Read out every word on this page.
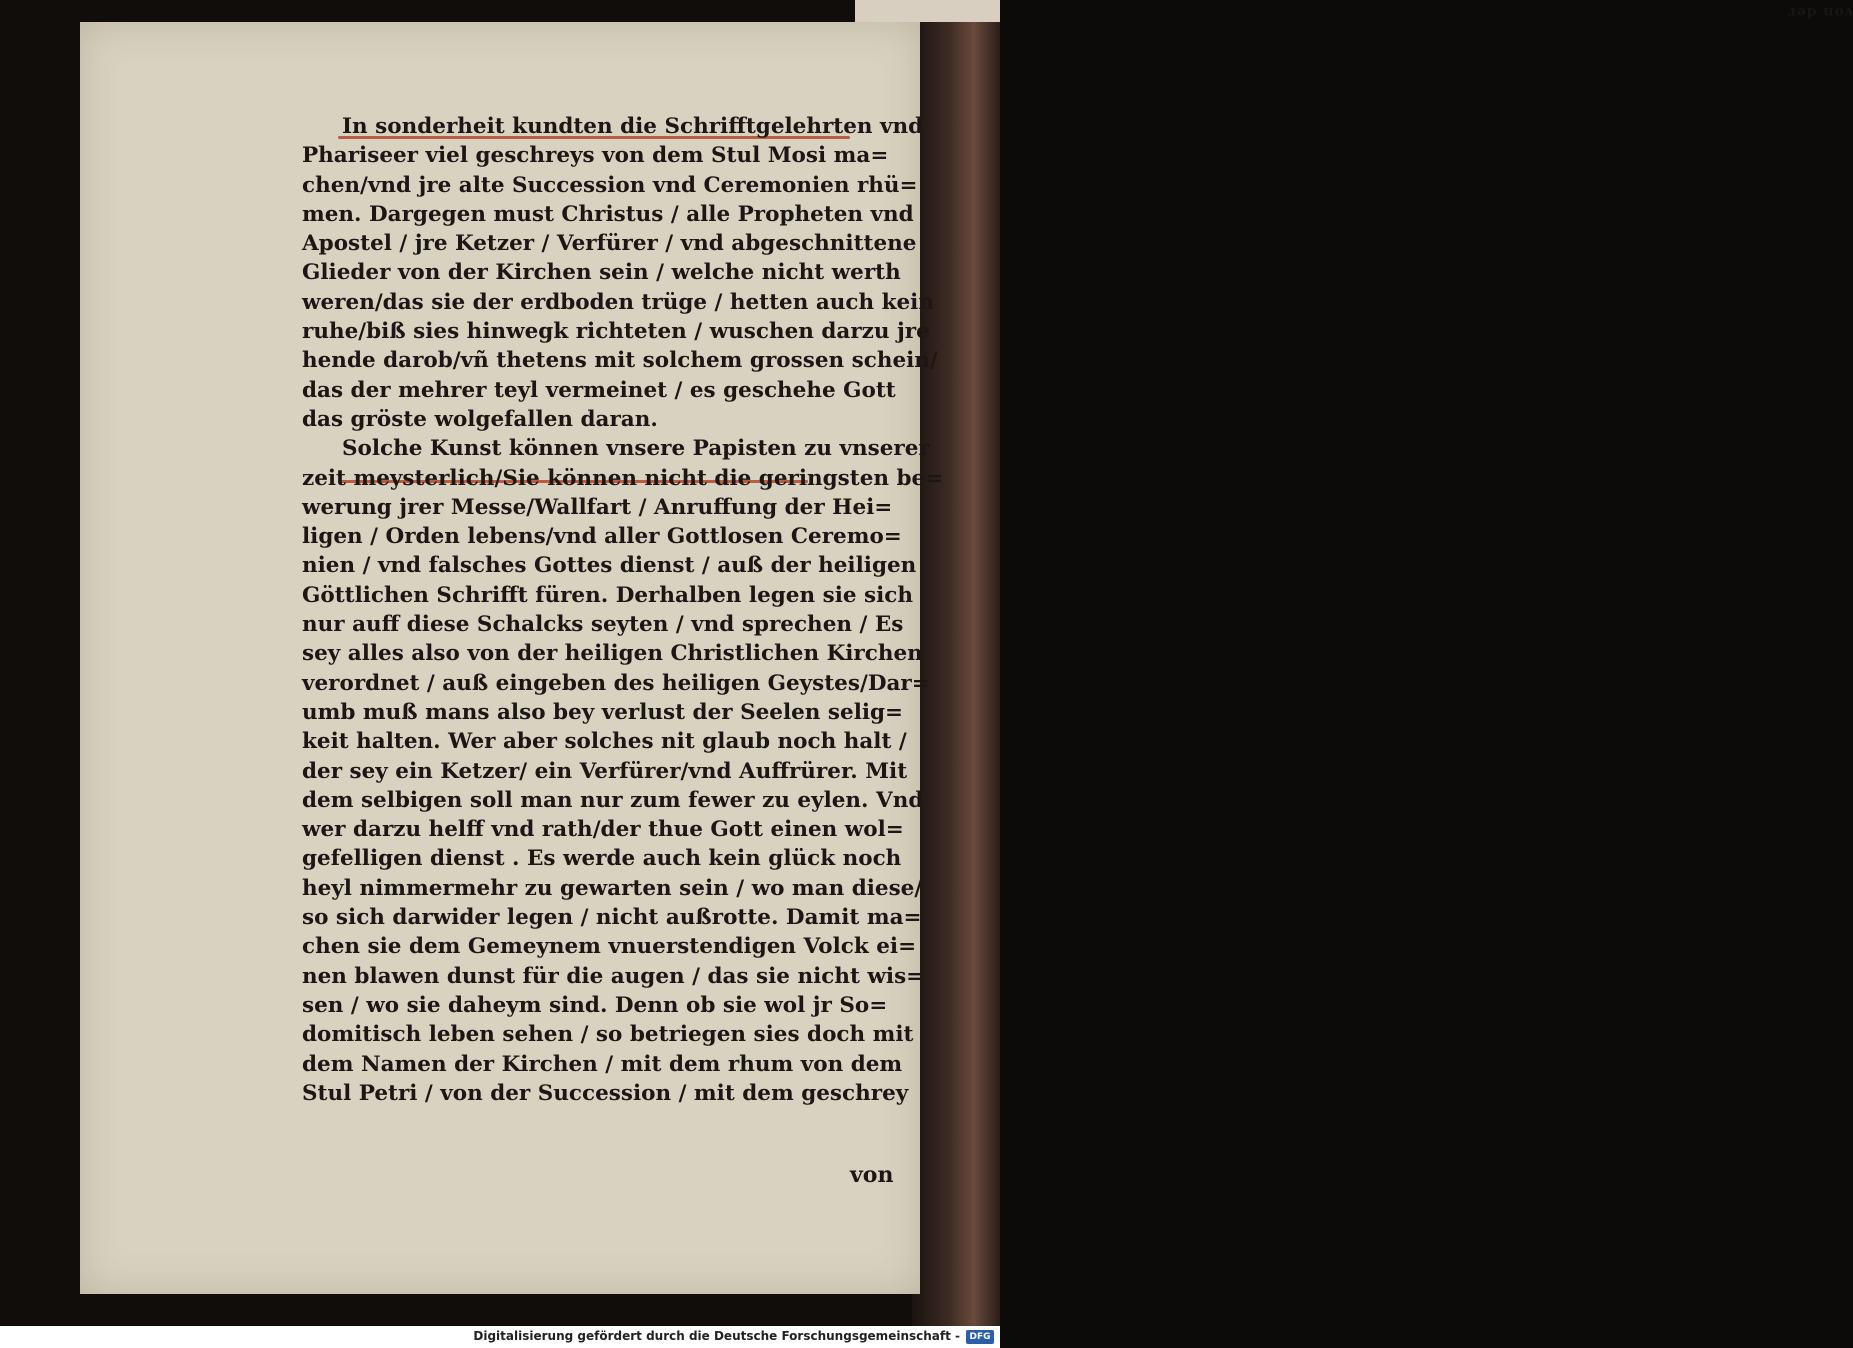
von der
In sonderheit kundten die Schrifftgelehrten vnd
Phariseer viel geschreys von dem Stul Mosi ma=
chen/vnd jre alte Succession vnd Ceremonien rhü=
men. Dargegen must Christus / alle Propheten vnd
Apostel / jre Ketzer / Verfürer / vnd abgeschnittene
Glieder von der Kirchen sein / welche nicht werth
weren/das sie der erdboden trüge / hetten auch kein
ruhe/biß sies hinwegk richteten / wuschen darzu jre
hende darob/vñ thetens mit solchem grossen schein/
das der mehrer teyl vermeinet / es geschehe Gott
das gröste wolgefallen daran.
Solche Kunst können vnsere Papisten zu vnserer
zeit meysterlich/Sie können nicht die geringsten be=
werung jrer Messe/Wallfart / Anruffung der Hei=
ligen / Orden lebens/vnd aller Gottlosen Ceremo=
nien / vnd falsches Gottes dienst / auß der heiligen
Göttlichen Schrifft füren. Derhalben legen sie sich
nur auff diese Schalcks seyten / vnd sprechen / Es
sey alles also von der heiligen Christlichen Kirchen
verordnet / auß eingeben des heiligen Geystes/Dar=
umb muß mans also bey verlust der Seelen selig=
keit halten. Wer aber solches nit glaub noch halt /
der sey ein Ketzer/ ein Verfürer/vnd Auffrürer. Mit
dem selbigen soll man nur zum fewer zu eylen. Vnd
wer darzu helff vnd rath/der thue Gott einen wol=
gefelligen dienst . Es werde auch kein glück noch
heyl nimmermehr zu gewarten sein / wo man diese/
so sich darwider legen / nicht außrotte. Damit ma=
chen sie dem Gemeynem vnuerstendigen Volck ei=
nen blawen dunst für die augen / das sie nicht wis=
sen / wo sie daheym sind. Denn ob sie wol jr So=
domitisch leben sehen / so betriegen sies doch mit
dem Namen der Kirchen / mit dem rhum von dem
Stul Petri / von der Succession / mit dem geschrey
von
Digitalisierung gefördert durch die Deutsche Forschungsgemeinschaft -	DFG
